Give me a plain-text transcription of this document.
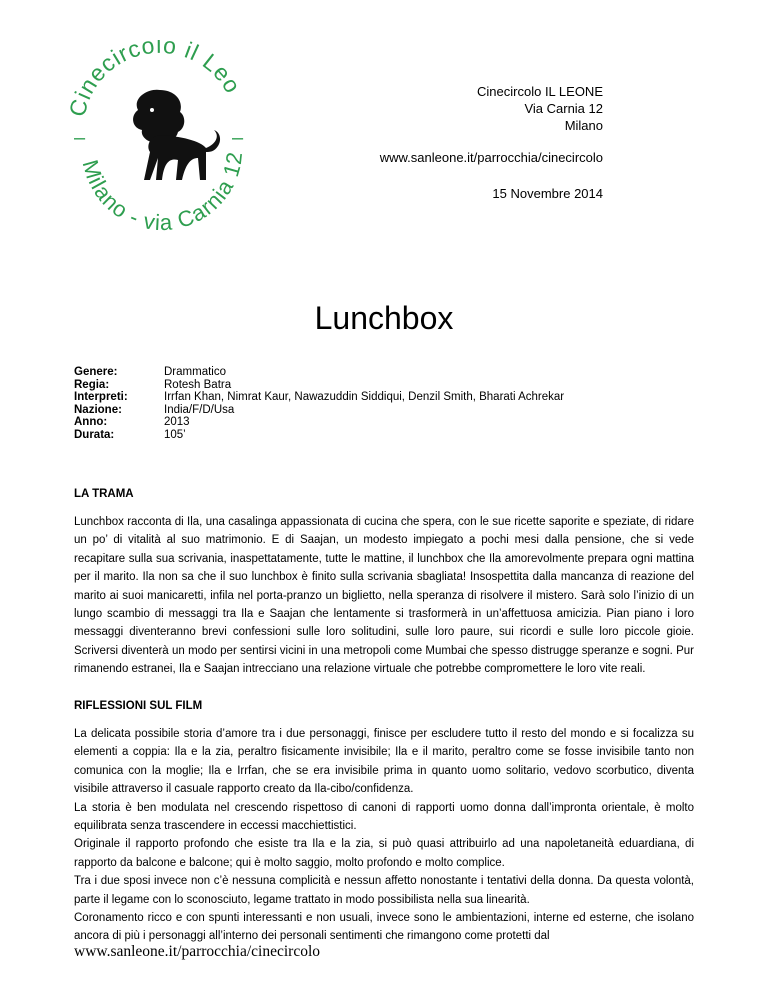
Cinecircolo il Leo
Milano - via Carnia 12
–	–
Cinecircolo IL LEONE
Via Carnia 12
Milano
www.sanleone.it/parrocchia/cinecircolo
15 Novembre 2014
Lunchbox
Genere:	Drammatico
Regia:	Rotesh Batra
Interpreti:	Irrfan Khan, Nimrat Kaur, Nawazuddin Siddiqui, Denzil Smith, Bharati Achrekar
Nazione:	India/F/D/Usa
Anno:	2013
Durata:	105’
LA TRAMA

Lunchbox racconta di Ila, una casalinga appassionata di cucina che spera, con le sue ricette saporite e speziate, di ridare un po’ di vitalità al suo matrimonio. E di Saajan, un modesto impiegato a pochi mesi dalla pensione, che si vede recapitare sulla sua scrivania, inaspettatamente, tutte le mattine, il lunchbox che Ila amorevolmente prepara ogni mattina per il marito. Ila non sa che il suo lunchbox è finito sulla scrivania sbagliata! Insospettita dalla mancanza di reazione del marito ai suoi manicaretti, infila nel porta-pranzo un biglietto, nella speranza di risolvere il mistero. Sarà solo l’inizio di un lungo scambio di messaggi tra Ila e Saajan che lentamente si trasformerà in un’affettuosa amicizia. Pian piano i loro messaggi diventeranno brevi confessioni sulle loro solitudini, sulle loro paure, sui ricordi e sulle loro piccole gioie. Scriversi diventerà un modo per sentirsi vicini in una metropoli come Mumbai che spesso distrugge speranze e sogni. Pur rimanendo estranei, Ila e Saajan intrecciano una relazione virtuale che potrebbe compromettere le loro vite reali.

RIFLESSIONI SUL FILM

La delicata possibile storia d’amore tra i due personaggi, finisce per escludere tutto il resto del mondo e si focalizza su elementi a coppia: Ila e la zia, peraltro fisicamente invisibile; Ila e il marito, peraltro come se fosse invisibile tanto non comunica con la moglie; Ila e Irrfan, che se era invisibile prima in quanto uomo solitario, vedovo scorbutico, diventa visibile attraverso il casuale rapporto creato da Ila-cibo/confidenza.

La storia è ben modulata nel crescendo rispettoso di canoni di rapporti uomo donna dall’impronta orientale, è molto equilibrata senza trascendere in eccessi macchiettistici.

Originale il rapporto profondo che esiste tra Ila e la zia, si può quasi attribuirlo ad una napoletaneità eduardiana, di rapporto da balcone e balcone; qui è molto saggio, molto profondo e molto complice.

Tra i due sposi invece non c’è nessuna complicità e nessun affetto nonostante i tentativi della donna. Da questa volontà, parte il legame con lo sconosciuto, legame trattato in modo possibilista nella sua linearità.

Coronamento ricco e con spunti interessanti e non usuali, invece sono le ambientazioni, interne ed esterne, che isolano ancora di più i personaggi all’interno dei personali sentimenti che rimangono come protetti dal

www.sanleone.it/parrocchia/cinecircolo
